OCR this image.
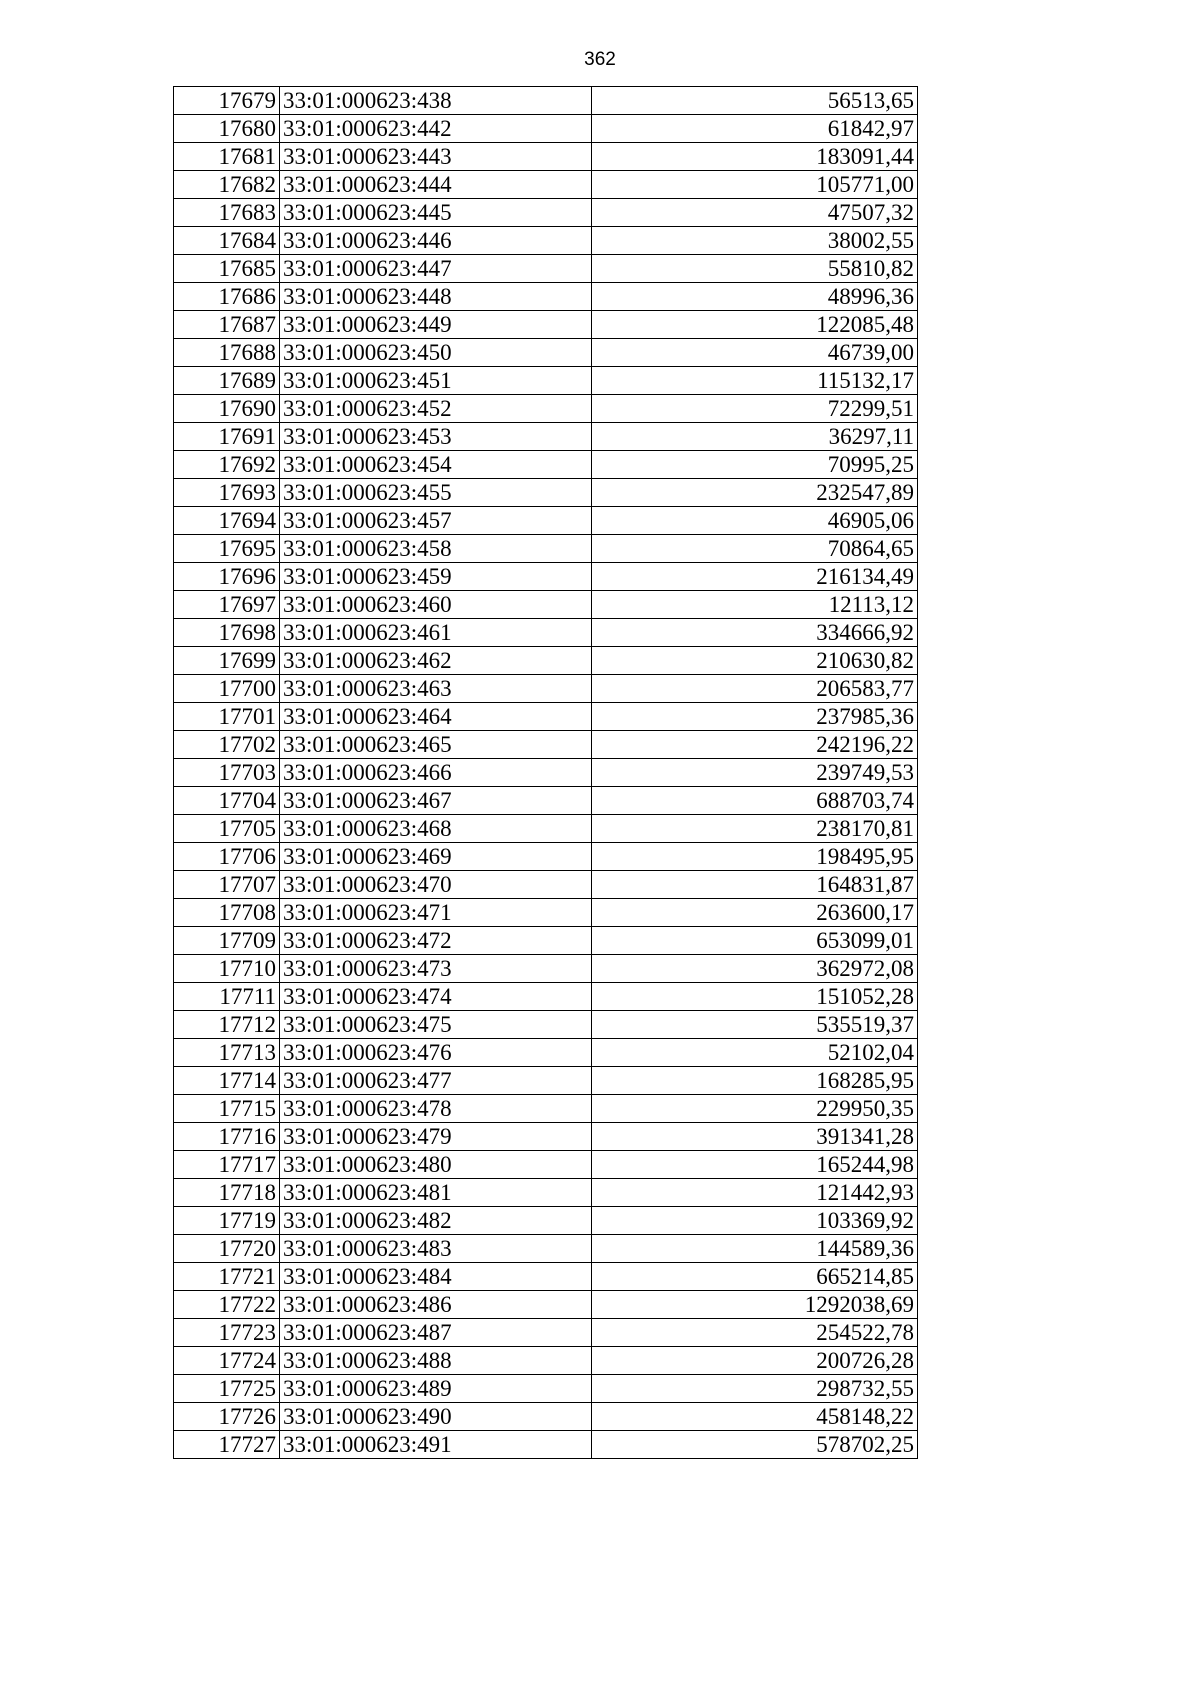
362
17679	33:01:000623:438	56513,65
17680	33:01:000623:442	61842,97
17681	33:01:000623:443	183091,44
17682	33:01:000623:444	105771,00
17683	33:01:000623:445	47507,32
17684	33:01:000623:446	38002,55
17685	33:01:000623:447	55810,82
17686	33:01:000623:448	48996,36
17687	33:01:000623:449	122085,48
17688	33:01:000623:450	46739,00
17689	33:01:000623:451	115132,17
17690	33:01:000623:452	72299,51
17691	33:01:000623:453	36297,11
17692	33:01:000623:454	70995,25
17693	33:01:000623:455	232547,89
17694	33:01:000623:457	46905,06
17695	33:01:000623:458	70864,65
17696	33:01:000623:459	216134,49
17697	33:01:000623:460	12113,12
17698	33:01:000623:461	334666,92
17699	33:01:000623:462	210630,82
17700	33:01:000623:463	206583,77
17701	33:01:000623:464	237985,36
17702	33:01:000623:465	242196,22
17703	33:01:000623:466	239749,53
17704	33:01:000623:467	688703,74
17705	33:01:000623:468	238170,81
17706	33:01:000623:469	198495,95
17707	33:01:000623:470	164831,87
17708	33:01:000623:471	263600,17
17709	33:01:000623:472	653099,01
17710	33:01:000623:473	362972,08
17711	33:01:000623:474	151052,28
17712	33:01:000623:475	535519,37
17713	33:01:000623:476	52102,04
17714	33:01:000623:477	168285,95
17715	33:01:000623:478	229950,35
17716	33:01:000623:479	391341,28
17717	33:01:000623:480	165244,98
17718	33:01:000623:481	121442,93
17719	33:01:000623:482	103369,92
17720	33:01:000623:483	144589,36
17721	33:01:000623:484	665214,85
17722	33:01:000623:486	1292038,69
17723	33:01:000623:487	254522,78
17724	33:01:000623:488	200726,28
17725	33:01:000623:489	298732,55
17726	33:01:000623:490	458148,22
17727	33:01:000623:491	578702,25
